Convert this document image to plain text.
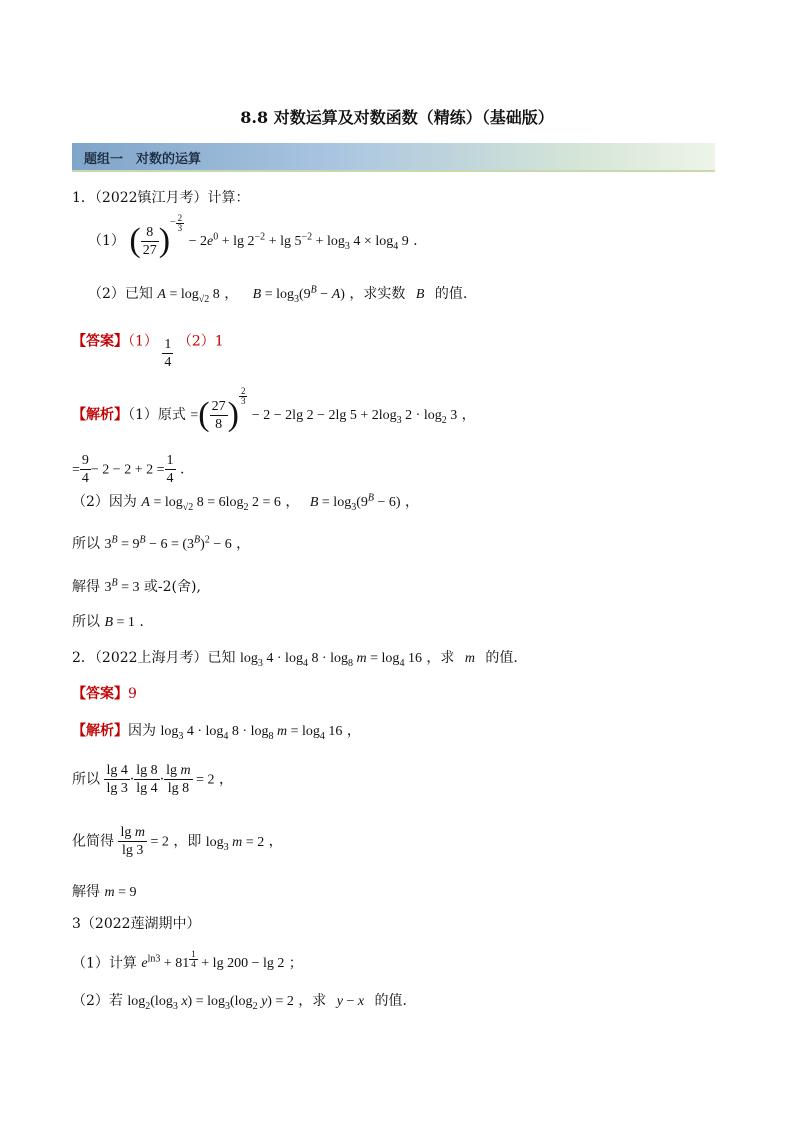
8.8 对数运算及对数函数（精练）（基础版）
题组一　对数的运算
1．（2022镇江月考）计算：
（1） ( $\frac{8}{27} )^{- \frac{2}{3}}$
− $2e^0 + \lg 2^{-2} + \lg 5^{-2} + \log_3 4 \times \log_4 9$ .
（2）已知 $A = \log_{√2} 8$ ， $B = \log_3(9^B - A)$ ，求实数 B 的值.
【答案】$(1) \frac{1}{4} (2)1$
【解析】（1）原式 =( $\frac{27}{8}$ ) $^{\frac{2}{3}}$
− 2 − 2lg 2 − 2lg $5 + 2\log_3$ $2 \cdot \log_2 3$ ，
= $\frac{9}{4} - 2 - 2 + 2 = \frac{1}{4}$ .
（2）因为 $A = \log_{√2} 8 = 6\log_2$ 2 = 6 ， $B = \log_3(9^B - 6)$ ，
所以 $3^B = 9^B - 6 = (3^B)^2 - 6$ ，
解得 $3^B = 3$ 或-2(舍),
所以 B = 1 .
2．（2022上海月考）已知 $\log_3 4 \cdot \log_4 8 \cdot \log_8 m = \log_4 16$ ，求 m 的值.
【答案】9
【解析】因为 $\log_3 4 \cdot \log_4 8 \cdot \log_8 m = \log_4 16$ ，
所以 $\frac{\lg 4}{\lg 3} \cdot \frac{\lg 8}{\lg 4} \cdot \frac{\text{lg m}}{\lg 8} = 2$ ，
化简得 $\frac{\text{lg m}}{\lg 3} = 2$ ，即 $\log_3 m = 2$ ，
解得 m = 9
3（2022莲湖期中）
（1）计算 $e^{ln3} + 81$ $^{\frac{1}{4}}$ + lg 200 − lg 2 ；
（2）若 $\log_2(\log_3$ $x) = \log_3(\log_2$ y) = 2 ，求 y − x 的值．
